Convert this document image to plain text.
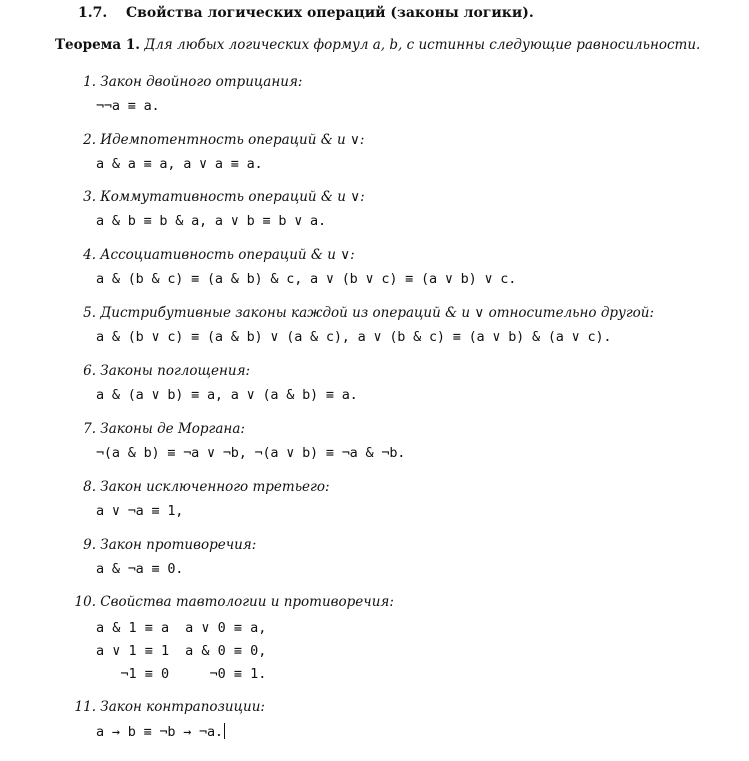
1.7. Свойства логических операций (законы логики).
Теорема 1. Для любых логических формул a, b, c истинны следующие равносильности.
1. Закон двойного отрицания:
¬¬a ≡ a.
2. Идемпотентность операций & и ∨:
a & a ≡ a, a ∨ a ≡ a.
3. Коммутативность операций & и ∨:
a & b ≡ b & a, a ∨ b ≡ b ∨ a.
4. Ассоциативность операций & и ∨:
a & (b & c) ≡ (a & b) & c, a ∨ (b ∨ c) ≡ (a ∨ b) ∨ c.
5. Дистрибутивные законы каждой из операций & и ∨ относительно другой:
a & (b ∨ c) ≡ (a & b) ∨ (a & c), a ∨ (b & c) ≡ (a ∨ b) & (a ∨ c).
6. Законы поглощения:
a & (a ∨ b) ≡ a, a ∨ (a & b) ≡ a.
7. Законы де Моргана:
¬(a & b) ≡ ¬a ∨ ¬b, ¬(a ∨ b) ≡ ¬a & ¬b.
8. Закон исключенного третьего:
a ∨ ¬a ≡ 1,
9. Закон противоречия:
a & ¬a ≡ 0.
10. Свойства тавтологии и противоречия:
a & 1 ≡ a	a ∨ 0 ≡ a,
a ∨ 1 ≡ 1	a & 0 ≡ 0,
¬1 ≡ 0	¬0 ≡ 1.
11. Закон контрапозиции:
a → b ≡ ¬b → ¬a.
